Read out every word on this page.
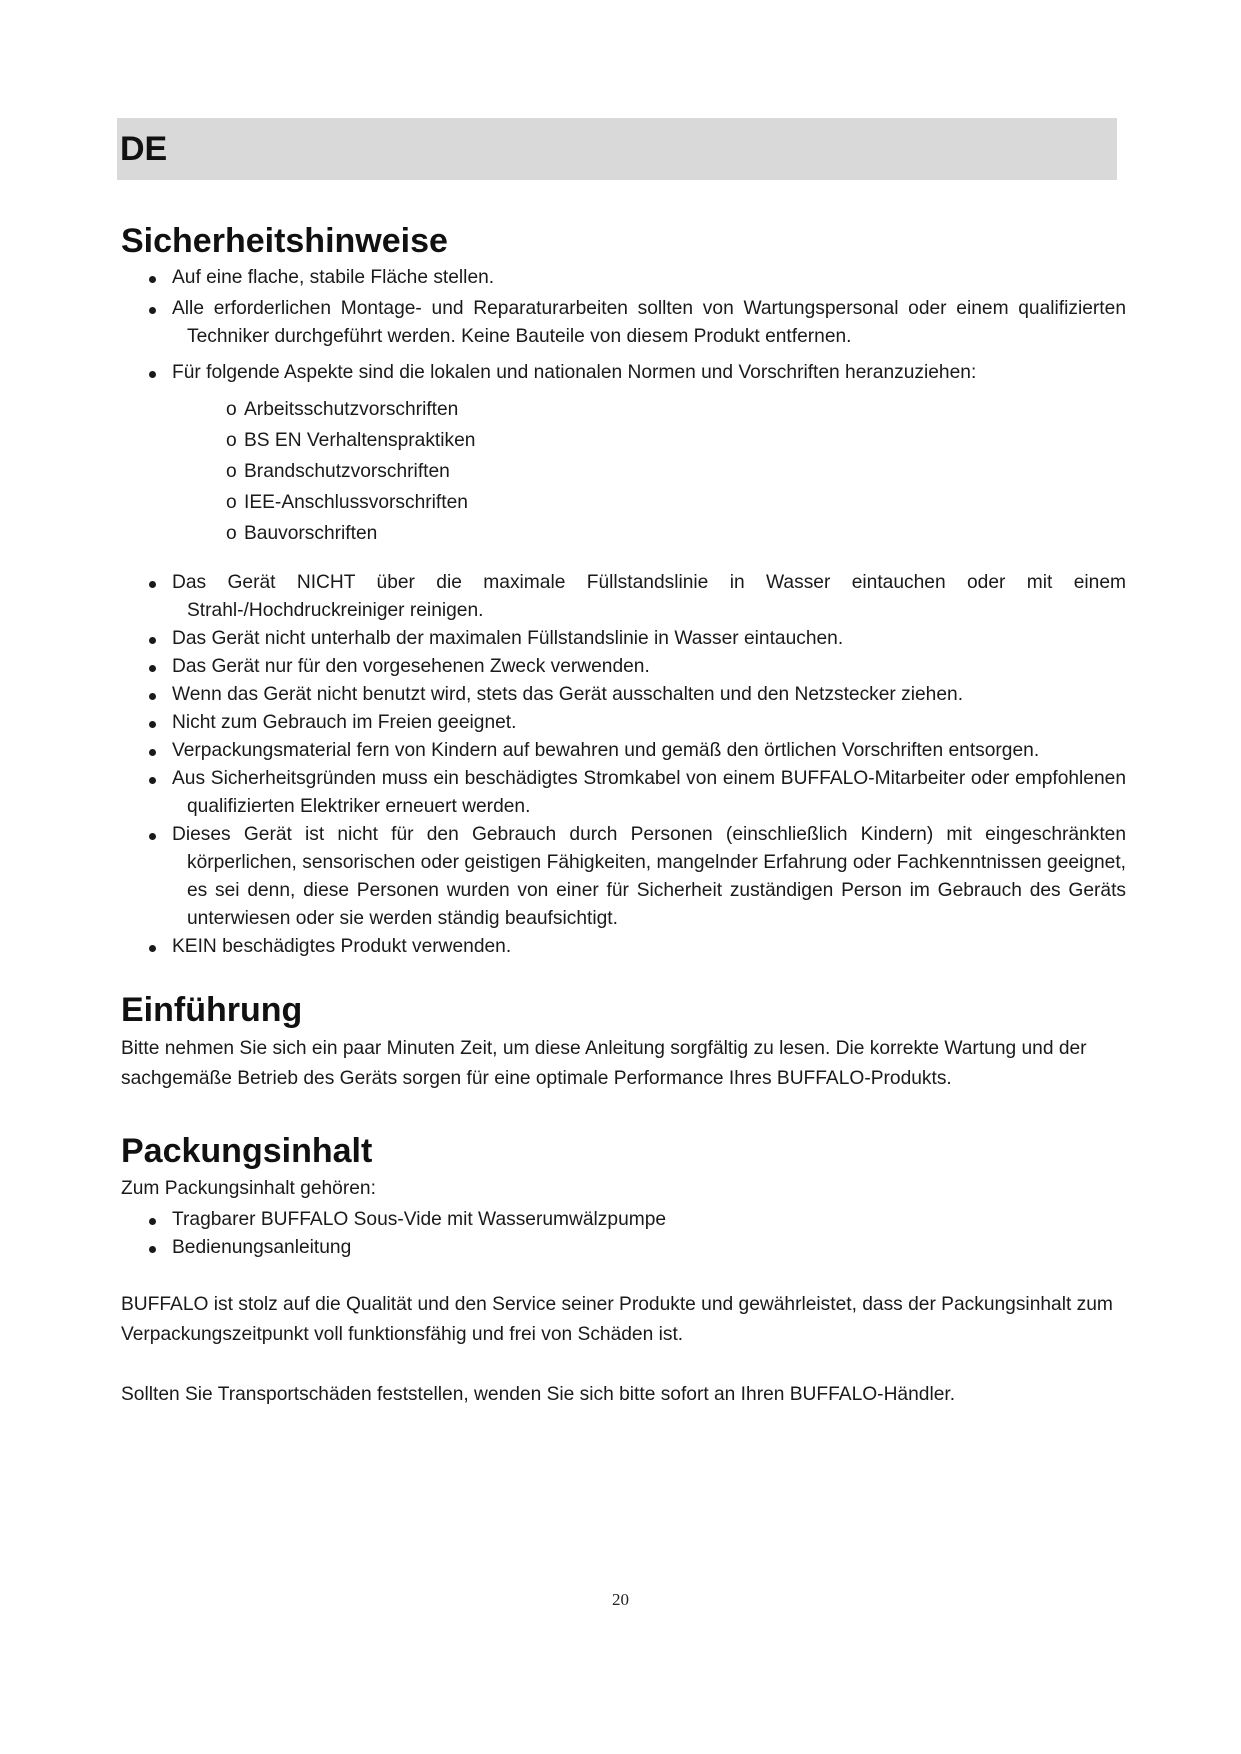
DE
Sicherheitshinweise
Auf eine flache, stabile Fläche stellen.
Alle erforderlichen Montage- und Reparaturarbeiten sollten von Wartungspersonal oder einem qualifizierten Techniker durchgeführt werden. Keine Bauteile von diesem Produkt entfernen.
Für folgende Aspekte sind die lokalen und nationalen Normen und Vorschriften heranzuziehen:
o Arbeitsschutzvorschriften
o BS EN Verhaltenspraktiken
o Brandschutzvorschriften
o IEE-Anschlussvorschriften
o Bauvorschriften
Das Gerät NICHT über die maximale Füllstandslinie in Wasser eintauchen oder mit einem Strahl-/Hochdruckreiniger reinigen.
Das Gerät nicht unterhalb der maximalen Füllstandslinie in Wasser eintauchen.
Das Gerät nur für den vorgesehenen Zweck verwenden.
Wenn das Gerät nicht benutzt wird, stets das Gerät ausschalten und den Netzstecker ziehen.
Nicht zum Gebrauch im Freien geeignet.
Verpackungsmaterial fern von Kindern auf bewahren und gemäß den örtlichen Vorschriften entsorgen.
Aus Sicherheitsgründen muss ein beschädigtes Stromkabel von einem BUFFALO-Mitarbeiter oder empfohlenen qualifizierten Elektriker erneuert werden.
Dieses Gerät ist nicht für den Gebrauch durch Personen (einschließlich Kindern) mit eingeschränkten körperlichen, sensorischen oder geistigen Fähigkeiten, mangelnder Erfahrung oder Fachkenntnissen geeignet, es sei denn, diese Personen wurden von einer für Sicherheit zuständigen Person im Gebrauch des Geräts unterwiesen oder sie werden ständig beaufsichtigt.
KEIN beschädigtes Produkt verwenden.
Einführung

Bitte nehmen Sie sich ein paar Minuten Zeit, um diese Anleitung sorgfältig zu lesen. Die korrekte Wartung und der sachgemäße Betrieb des Geräts sorgen für eine optimale Performance Ihres BUFFALO-Produkts.

Packungsinhalt

Zum Packungsinhalt gehören:

Tragbarer BUFFALO Sous-Vide mit Wasserumwälzpumpe
Bedienungsanleitung

BUFFALO ist stolz auf die Qualität und den Service seiner Produkte und gewährleistet, dass der Packungsinhalt zum Verpackungszeitpunkt voll funktionsfähig und frei von Schäden ist.

Sollten Sie Transportschäden feststellen, wenden Sie sich bitte sofort an Ihren BUFFALO-Händler.

20
